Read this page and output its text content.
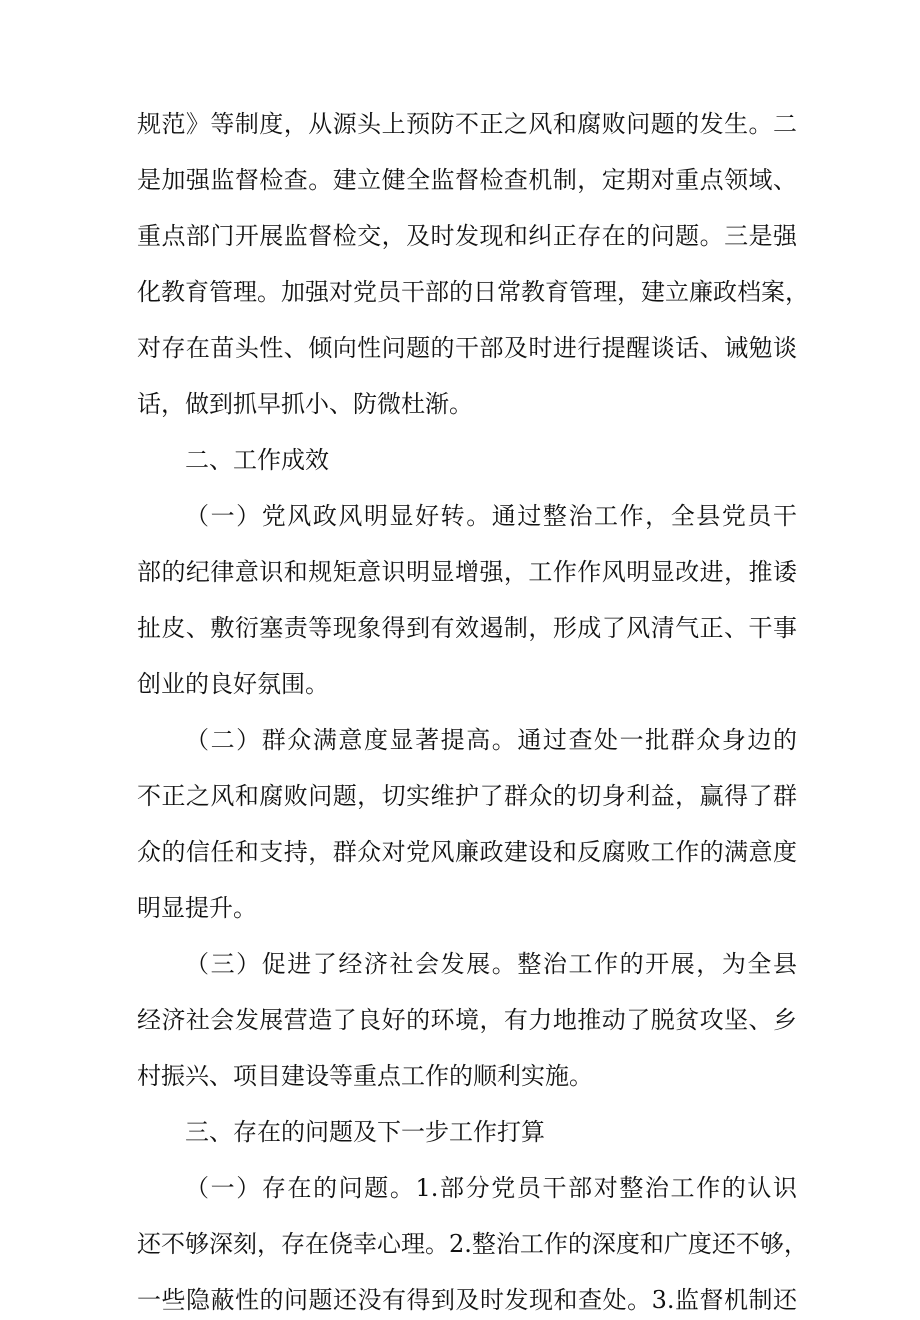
规范》等制度，从源头上预防不正之风和腐败问题的发生。二

是加强监督检查。建立健全监督检查机制，定期对重点领域、

重点部门开展监督检交，及时发现和纠正存在的问题。三是强

化教育管理。加强对党员干部的日常教育管理，建立廉政档案，

对存在苗头性、倾向性问题的干部及时进行提醒谈话、诫勉谈

话，做到抓早抓小、防微杜渐。

二、工作成效

（一）党风政风明显好转。通过整治工作，全县党员干

部的纪律意识和规矩意识明显增强，工作作风明显改进，推诿

扯皮、敷衍塞责等现象得到有效遏制，形成了风清气正、干事

创业的良好氛围。

（二）群众满意度显著提高。通过查处一批群众身边的

不正之风和腐败问题，切实维护了群众的切身利益，赢得了群

众的信任和支持，群众对党风廉政建设和反腐败工作的满意度

明显提升。

（三）促进了经济社会发展。整治工作的开展，为全县

经济社会发展营造了良好的环境，有力地推动了脱贫攻坚、乡

村振兴、项目建设等重点工作的顺利实施。

三、存在的问题及下一步工作打算

（一）存在的问题。1.部分党员干部对整治工作的认识

还不够深刻，存在侥幸心理。2.整治工作的深度和广度还不够，

一些隐蔽性的问题还没有得到及时发现和查处。3.监督机制还
